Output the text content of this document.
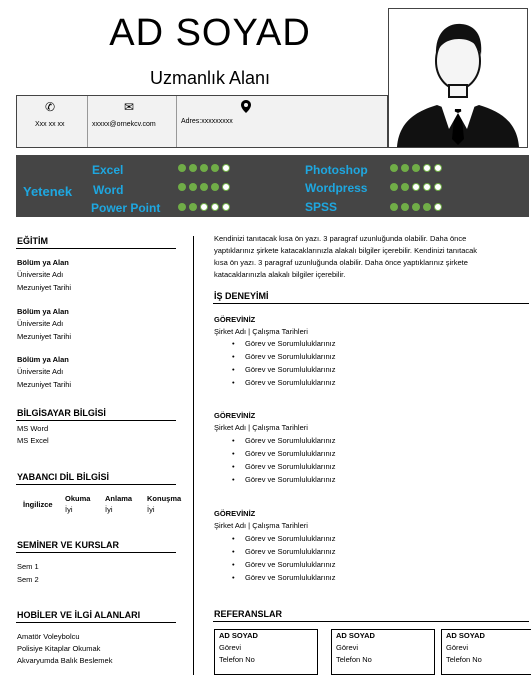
AD SOYAD
Uzmanlık Alanı
✆
Xxx xx xx
✉
xxxxx@ornekcv.com	Adres:xxxxxxxxx
Yetenek
Excel
Word
Power Point
Photoshop
Wordpress
SPSS
EĞİTİM
Bölüm ya Alan
Üniversite Adı
Mezuniyet Tarihi
Bölüm ya Alan
Üniversite Adı
Mezuniyet Tarihi
Bölüm ya Alan
Üniversite Adı
Mezuniyet Tarihi
BİLGİSAYAR BİLGİSİ
MS Word
MS Excel
YABANCI DİL BİLGİSİ
İngilizce
Okuma
İyi
Anlama
İyi
Konuşma
İyi
SEMİNER VE KURSLAR
Sem 1
Sem 2
HOBİLER VE İLGİ ALANLARI
Amatör Voleybolcu
Polisiye Kitaplar Okumak
Akvaryumda Balık Beslemek
Kendinizi tanıtacak kısa ön yazı. 3 paragraf uzunluğunda olabilir. Daha önce
yaptıklarınız şirkete katacaklarınızla alakalı bilgiler içerebilir. Kendinizi tanıtacak
kısa ön yazı. 3 paragraf uzunluğunda olabilir. Daha önce yaptıklarınız şirkete
katacaklarınızla alakalı bilgiler içerebilir.
İŞ DENEYİMİ
GÖREVİNİZ
Şirket Adı | Çalışma Tarihleri
•     Görev ve Sorumluluklarınız
•     Görev ve Sorumluluklarınız
•     Görev ve Sorumluluklarınız
•     Görev ve Sorumluluklarınız
GÖREVİNİZ
Şirket Adı | Çalışma Tarihleri
•     Görev ve Sorumluluklarınız
•     Görev ve Sorumluluklarınız
•     Görev ve Sorumluluklarınız
•     Görev ve Sorumluluklarınız
GÖREVİNİZ
Şirket Adı | Çalışma Tarihleri
•     Görev ve Sorumluluklarınız
•     Görev ve Sorumluluklarınız
•     Görev ve Sorumluluklarınız
•     Görev ve Sorumluluklarınız
REFERANSLAR
AD SOYAD
Görevi
Telefon No
AD SOYAD
Görevi
Telefon No
AD SOYAD
Görevi
Telefon No
